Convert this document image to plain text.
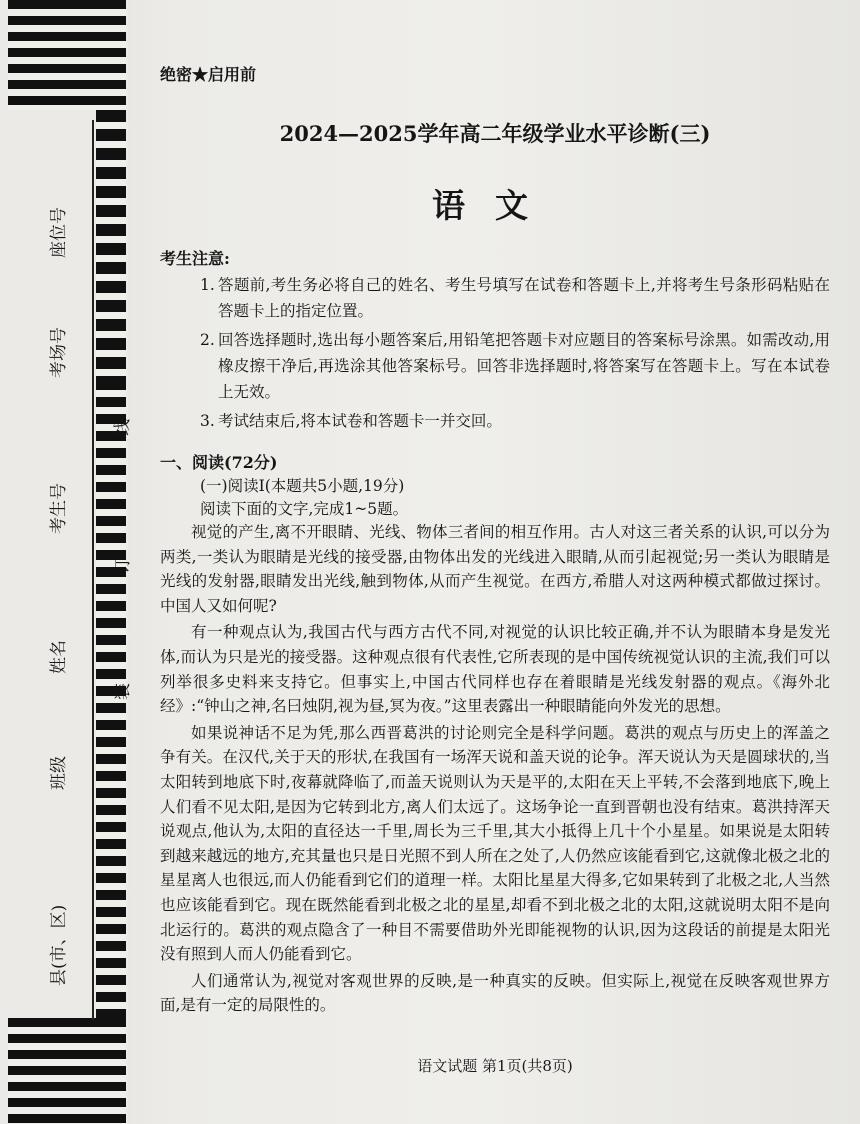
座位号
考场号
考生号
姓名
班级
县(市、区)
线
订
装
绝密★启用前
2024—2025学年高二年级学业水平诊断(三)
语文
考生注意:
1. 答题前,考生务必将自己的姓名、考生号填写在试卷和答题卡上,并将考生号条形码粘贴在答题卡上的指定位置。
2. 回答选择题时,选出每小题答案后,用铅笔把答题卡对应题目的答案标号涂黑。如需改动,用橡皮擦干净后,再选涂其他答案标号。回答非选择题时,将答案写在答题卡上。写在本试卷上无效。
3. 考试结束后,将本试卷和答题卡一并交回。
一、阅读(72分)
(一)阅读Ⅰ(本题共5小题,19分)
阅读下面的文字,完成1~5题。

视觉的产生,离不开眼睛、光线、物体三者间的相互作用。古人对这三者关系的认识,可以分为两类,一类认为眼睛是光线的接受器,由物体出发的光线进入眼睛,从而引起视觉;另一类认为眼睛是光线的发射器,眼睛发出光线,触到物体,从而产生视觉。在西方,希腊人对这两种模式都做过探讨。中国人又如何呢?

有一种观点认为,我国古代与西方古代不同,对视觉的认识比较正确,并不认为眼睛本身是发光体,而认为只是光的接受器。这种观点很有代表性,它所表现的是中国传统视觉认识的主流,我们可以列举很多史料来支持它。但事实上,中国古代同样也存在着眼睛是光线发射器的观点。《海外北经》:“钟山之神,名曰烛阴,视为昼,冥为夜。”这里表露出一种眼睛能向外发光的思想。

如果说神话不足为凭,那么西晋葛洪的讨论则完全是科学问题。葛洪的观点与历史上的浑盖之争有关。在汉代,关于天的形状,在我国有一场浑天说和盖天说的论争。浑天说认为天是圆球状的,当太阳转到地底下时,夜幕就降临了,而盖天说则认为天是平的,太阳在天上平转,不会落到地底下,晚上人们看不见太阳,是因为它转到北方,离人们太远了。这场争论一直到晋朝也没有结束。葛洪持浑天说观点,他认为,太阳的直径达一千里,周长为三千里,其大小抵得上几十个小星星。如果说是太阳转到越来越远的地方,充其量也只是日光照不到人所在之处了,人仍然应该能看到它,这就像北极之北的星星离人也很远,而人仍能看到它们的道理一样。太阳比星星大得多,它如果转到了北极之北,人当然也应该能看到它。现在既然能看到北极之北的星星,却看不到北极之北的太阳,这就说明太阳不是向北运行的。葛洪的观点隐含了一种目不需要借助外光即能视物的认识,因为这段话的前提是太阳光没有照到人而人仍能看到它。

人们通常认为,视觉对客观世界的反映,是一种真实的反映。但实际上,视觉在反映客观世界方面,是有一定的局限性的。

语文试题 第1页(共8页)
